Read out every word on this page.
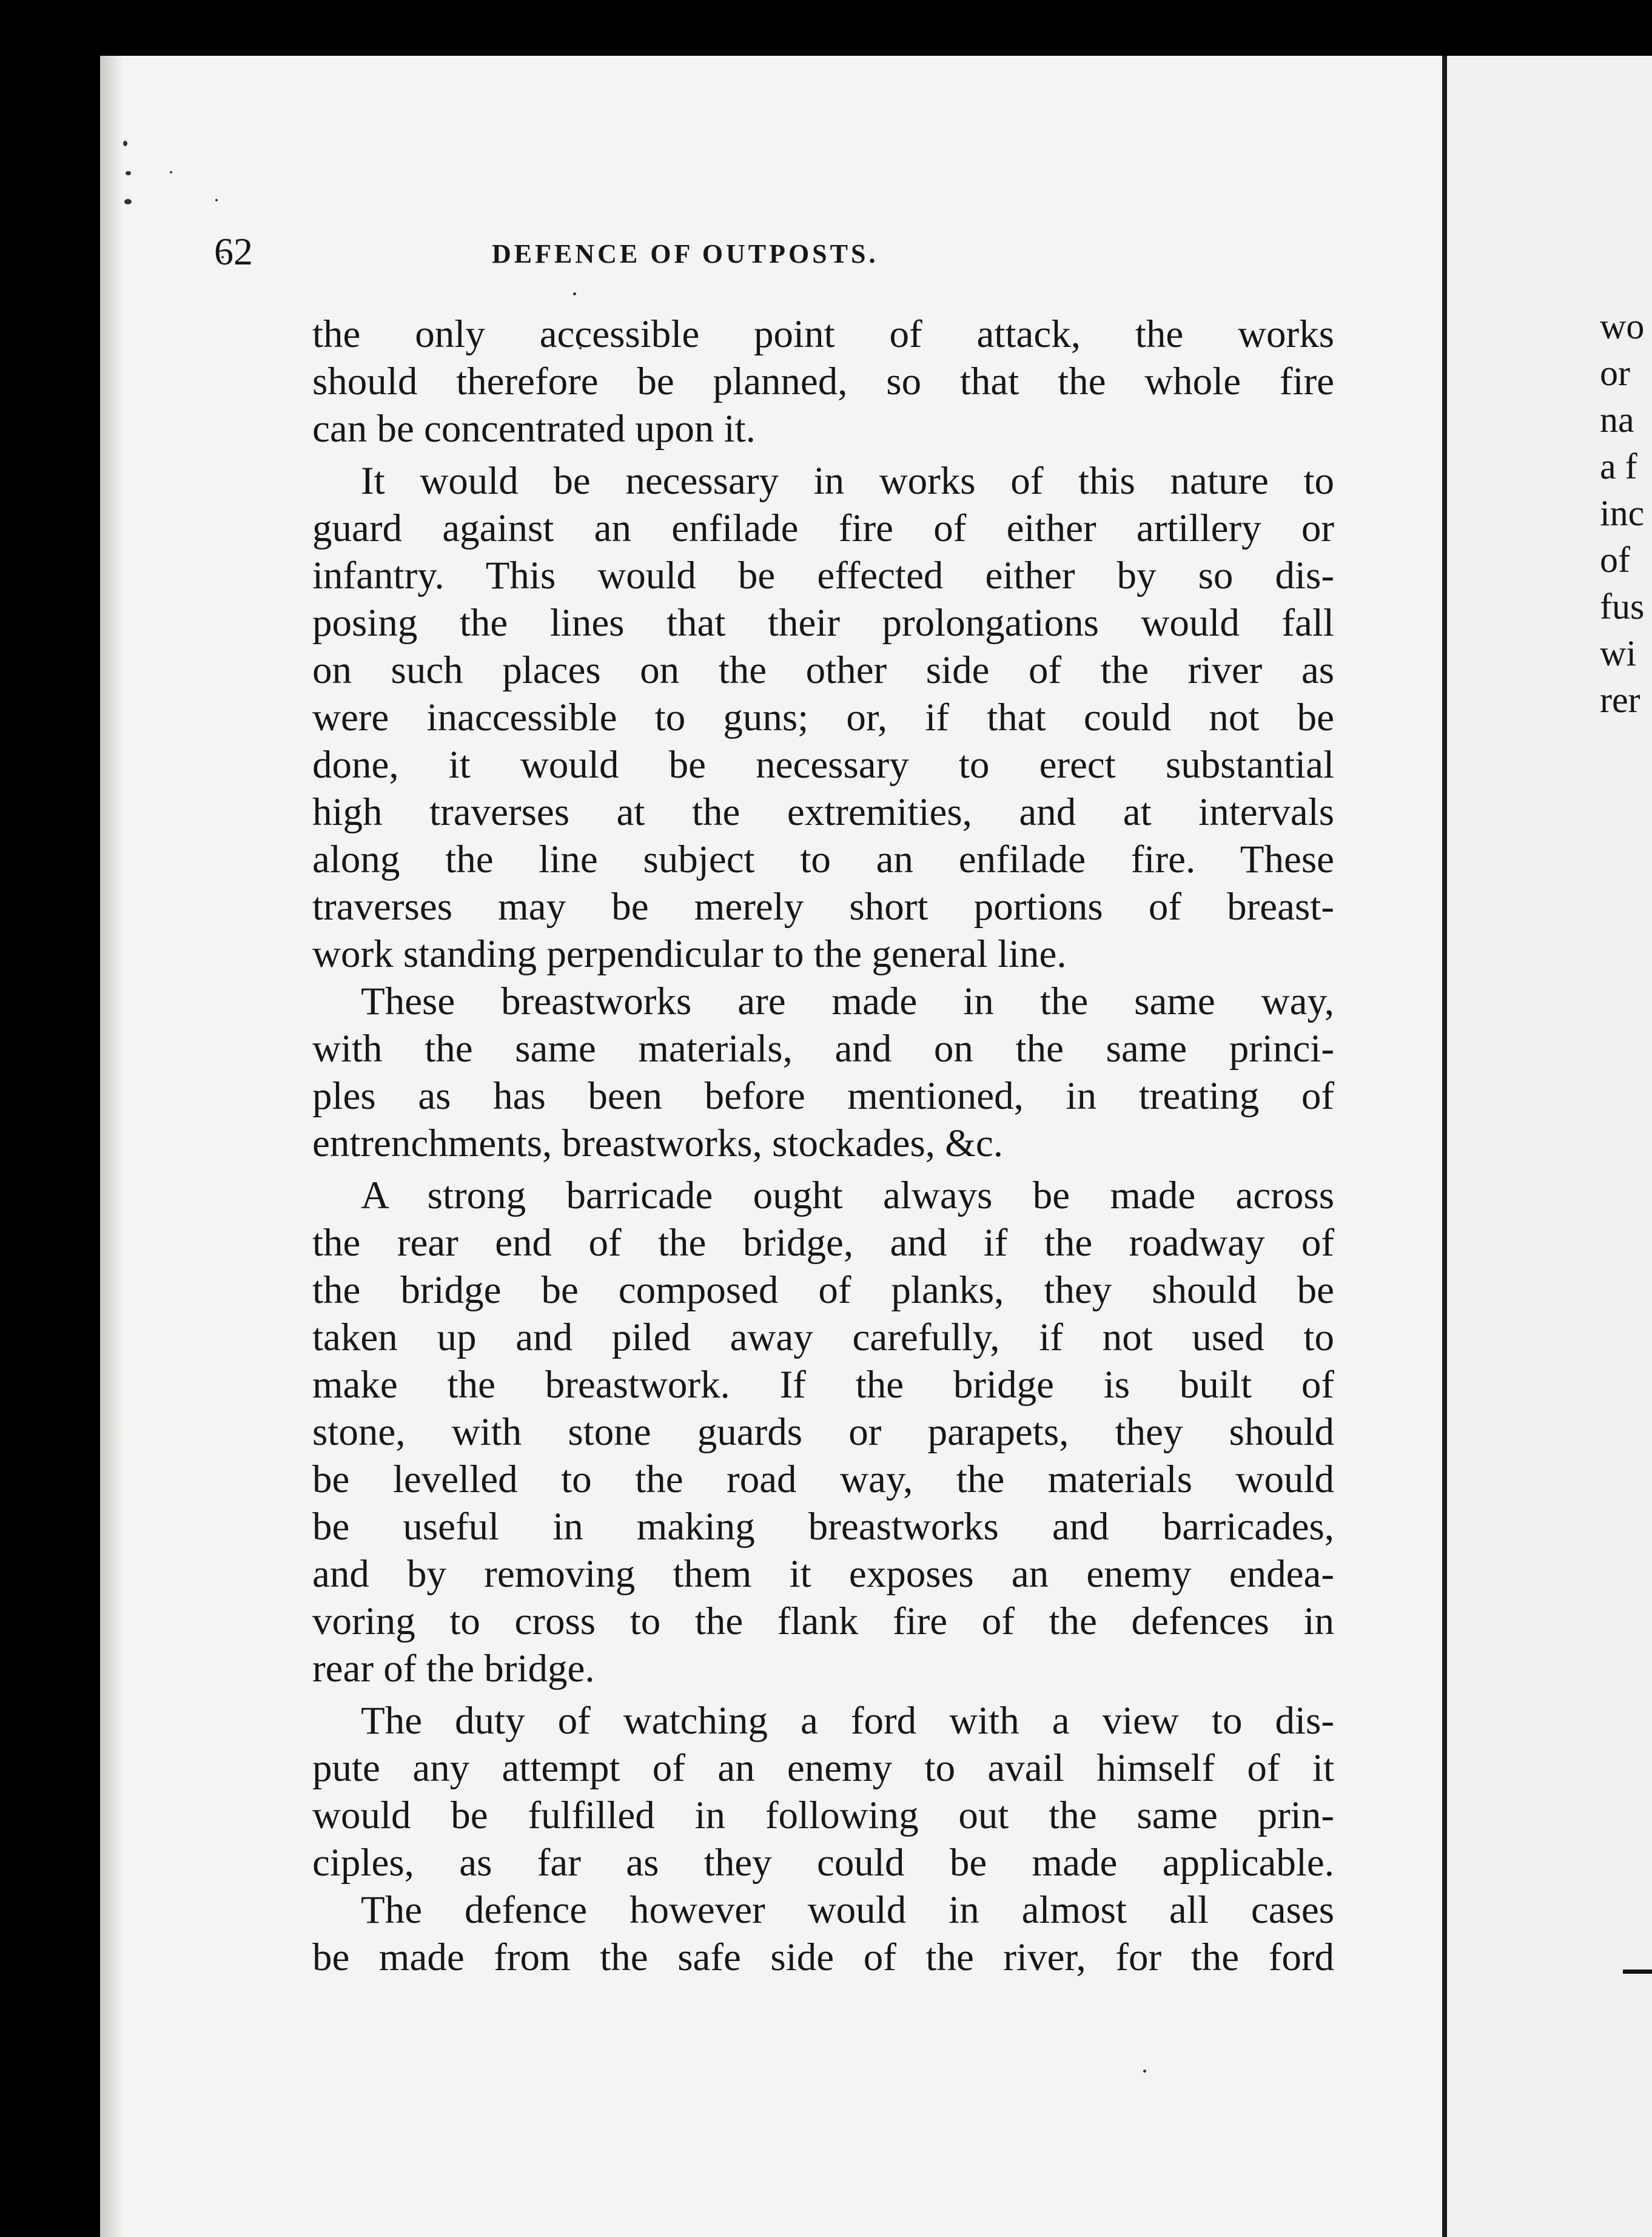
62	DEFENCE OF OUTPOSTS.
the only accessible point of attack, the works
should therefore be planned, so that the whole fire
can be concentrated upon it.
It would be necessary in works of this nature to
guard against an enfilade fire of either artillery or
infantry. This would be effected either by so dis-
posing the lines that their prolongations would fall
on such places on the other side of the river as
were inaccessible to guns; or, if that could not be
done, it would be necessary to erect substantial
high traverses at the extremities, and at intervals
along the line subject to an enfilade fire. These
traverses may be merely short portions of breast-
work standing perpendicular to the general line.
These breastworks are made in the same way,
with the same materials, and on the same princi-
ples as has been before mentioned, in treating of
entrenchments, breastworks, stockades, &c.
A strong barricade ought always be made across
the rear end of the bridge, and if the roadway of
the bridge be composed of planks, they should be
taken up and piled away carefully, if not used to
make the breastwork. If the bridge is built of
stone, with stone guards or parapets, they should
be levelled to the road way, the materials would
be useful in making breastworks and barricades,
and by removing them it exposes an enemy endea-
voring to cross to the flank fire of the defences in
rear of the bridge.
The duty of watching a ford with a view to dis-
pute any attempt of an enemy to avail himself of it
would be fulfilled in following out the same prin-
ciples, as far as they could be made applicable.
The defence however would in almost all cases
be made from the safe side of the river, for the ford
wo
or
na
a f
inc
of
fus
wi
rer
